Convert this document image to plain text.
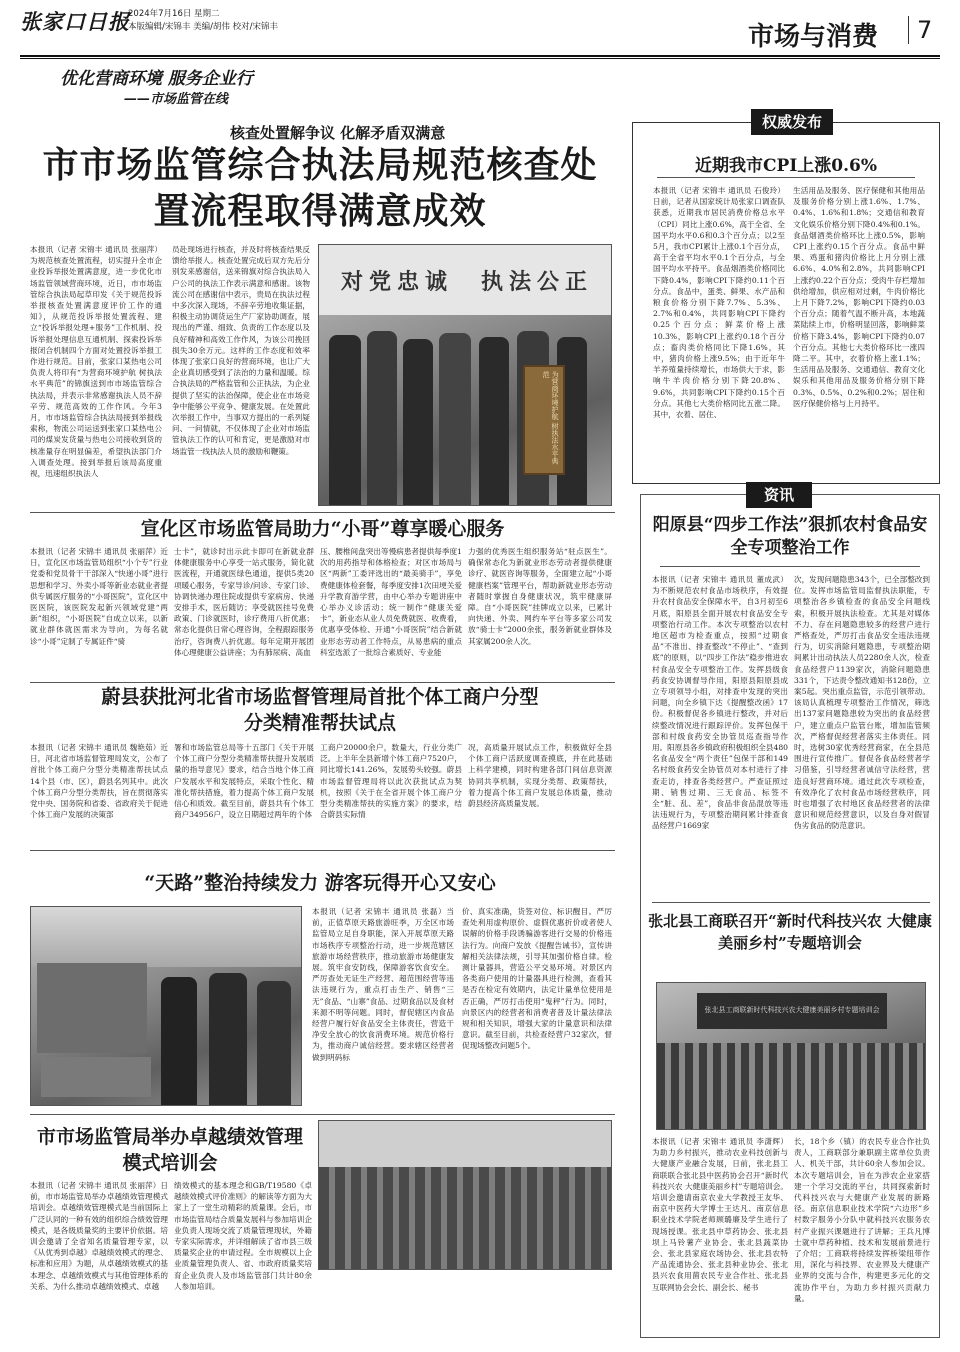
张家口日报
2024年7月16日 星期二
本版编辑/宋锦丰 美编/胡伟 校对/宋锦丰	市场与消费	7
优化营商环境 服务企业行
——市场监管在线
核查处置解争议 化解矛盾双满意
市市场监管综合执法局规范核查处置流程取得满意成效
本报讯（记者 宋锦丰 通讯员 张丽萍）为规范核查处置流程，切实提升全市企业投诉举报处置满意度，进一步优化市场监管领域营商环境，近日，市市场监管综合执法局起草印发《关于规范投诉举报核查处置满意度评价工作的通知》，从规范投诉举报处置流程、建立“投诉举报处理+服务”工作机制、投诉举报处理信息互通机制、探索投诉举报闭合机制四个方面对处置投诉举报工作进行规范。目前，张家口某热电公司负责人将印有“为营商环境护航 树执法水平典范”的锦旗送到市市场监管综合执法局，并表示非常感谢执法人员不辞辛劳、规范高效的工作作风。今年3月，市市场监管综合执法局接到举报线索称，物流公司运送到张家口某热电公司的煤炭发货量与热电公司接收到货的核准量存在明显偏差，希望执法部门介入调查处理。接到举报后该局高度重视，迅速组织执法人
员赴现场进行核查，并及时将核查结果反馈给举报人。核查处置完成后双方先后分别发来感谢信，送来锦旗对综合执法局入户公司的执法工作表示满意和感谢。该物流公司在感谢信中表示，贵局在执法过程中多次深入现场，不辞辛劳地收集证据，积极主动协调货运生产厂家协助调查，展现出的严谨、细致、负责的工作态度以及良好精神和高效工作作风，为该公司挽回损失30余万元。这样的工作态度和效率体现了张家口良好的营商环境，也让广大企业真切感受到了法治的力量和温暖。综合执法局的严格监管和公正执法，为企业提供了坚实的法治保障，使企业在市场竞争中能够公平竞争、健康发展。在处置此次举报工作中，当事双方提出的一系列疑问、一问情就，不仅体现了企业对市场监管执法工作的认可和肯定，更是激励对市场监管一线执法人员的激励和鞭策。
对党忠诚 执法公正
为营商环境护航 树执法水平典范
权威发布
近期我市CPI上涨0.6%
本报讯（记者 宋锦丰 通讯员 石俊玲）日前，记者从国家统计局张家口调查队获悉，近期我市居民消费价格总水平（CPI）同比上涨0.6%，高于全省、全国平均水平0.6和0.3个百分点；以2至5月，我市CPI累计上涨0.1个百分点，高于全省平均水平0.1个百分点，与全国平均水平持平。食品烟酒类价格同比下降0.4%，影响CPI下降约0.11个百分点。食品中，蛋类、鲜果、水产品和粮食价格分别下降7.7%、5.3%、2.7%和0.4%，共同影响CPI下降约0.25个百分点；鲜菜价格上涨10.3%，影响CPI上涨约0.18个百分点；畜肉类价格同比下降1.6%，其中，猪肉价格上涨9.5%；由于近年牛羊养殖量持续增长，市场供大于求，影响牛羊肉价格分别下降20.8%、9.6%，共同影响CPI下降约0.15个百分点。其他七大类价格同比五涨二降。其中，衣着、居住、
生活用品及服务、医疗保健和其他用品及服务价格分别上涨1.6%、1.7%、0.4%、1.6%和1.8%；交通信和教育文化娱乐价格分别下降0.4%和0.1%。食品烟酒类价格环比上涨0.5%，影响CPI上涨约0.15个百分点。食品中鲜果、鸡蛋和猪肉价格比上月分别上涨6.6%、4.0%和2.8%，共同影响CPI上涨约0.22个百分点；受肉牛存栏增加供给增加，供应相对过剩，牛肉价格比上月下降7.2%，影响CPI下降约0.03个百分点；随着气温不断升高，本地蔬菜陆续上市，价格明显回落，影响鲜菜价格下降3.4%，影响CPI下降约0.07个百分点。其他七大类价格环比一涨四降二平。其中，衣着价格上涨1.1%；生活用品及服务、交通通信、教育文化娱乐和其他用品及服务价格分别下降0.3%、0.5%、0.2%和0.2%；居住和医疗保健价格与上月持平。
宣化区市场监管局助力“小哥”尊享暖心服务
本报讯（记者 宋锦丰 通讯员 张丽萍）近日，宣化区市场监管局组织“小个专”行业党委和党员骨干干部深入“快递小哥”进行思想和学习、外卖小哥等新业态就业者提供专属医疗服务的“小哥医院”，宣化区中医医院，该医院发起新兴领域党建“两新”组织，“小哥医院”自成立以来，以新就业群体就医需求为导向，为每名就诊“小哥”定制了专属证件“骑
士卡”，就诊时出示此卡即可在新就业群体健康服务中心享受一站式服务，简化就医流程，开通就医绿色通道，提供5类20项暖心服务，专家导诊/问诊、专家门诊、协调快递办理住院或提供专家病房、快递安排手术，医后随访；享受就医挂号免费政策、门诊就医时，诊疗费用八折优惠；常态化提供日常心理咨询，全程跟踪服务治疗，咨询费八折优惠。每年定期开展团体心理健康公益讲座；为有肺尿病、高血
压、腰椎间盘突出等慢病患者提供每季度1次的用药指导和体格检查；对区市场局与区“两新”工委评选出的“最美骑手”，享免费健康体检套餐，每季度安排1次田埂关爱升学教育游学营，由中心举办专题讲座中心举办义诊活动；统一制作“健康关爱卡”，新业态从业人员免费就医、收费看，优惠享受体检、开通“小哥医院”结合新就业形态劳动者工作特点，从易患病的重点科室选派了一批综合素质好、专业能
力强的优秀医生组织服务站“驻点医生”。确保常态化为新就业形态劳动者提供健康诊疗、就医咨询等服务，全面建立起“小哥健康档案”管理平台，帮助新就业形态劳动者随时掌握自身健康状况，筑牢健康屏障。自“小哥医院”挂牌成立以来，已累计向快递、外卖、网约车平台等多家公司发放“骑士卡”2000余张，服务新就业群体及其家属200余人次。
蔚县获批河北省市场监督管理局首批个体工商户分型分类精准帮扶试点
本报讯（记者 宋锦丰 通讯员 魏艳茹）近日，河北省市场监督管理局发文，公布了首批个体工商户分型分类精准帮扶试点14个县（市、区），蔚县名列其中。此次个体工商户分型分类帮扶，旨在贯彻落实党中央、国务院和省委、省政府关于促进个体工商户发展的决策部
署和市场监管总局等十五部门《关于开展个体工商户分型分类精准帮扶提升发展质量的指导意见》要求，结合当地个体工商户发展水平和发展特点，采取个性化、精准化帮扶措施，着力提高个体工商户发展信心和质效。截至目前，蔚县共有个体工商户34956户，设立日期超过两年的个体
工商户20000余户，数量大，行业分类广泛。上半年全县新增个体工商户7520户，同比增长141.26%，发展势头较强。蔚县市场监督管理局将以此次获批试点为契机，按照《关于在全省开展个体工商户分型分类精准帮扶的实施方案》的要求，结合蔚县实际情
况，高质量开展试点工作，积极做好全县个体工商户活跃度调查摸底，并在此基础上科学建模，同时构建各部门间信息资源协同共享机制，实现分类帮、政策帮扶，着力提高个体工商户发展总体质量，推动蔚县经济高质量发展。
“天路”整治持续发力 游客玩得开心又安心
本报讯（记者 宋锦丰 通讯员 张磊）当前，正值草原天路旅游旺季，万全区市场监管局立足自身职能，深入开展草原天路市场秩序专项整治行动，进一步规范辖区旅游市场经营秩序，推动旅游市场健康发展。筑牢食安防线，保障游客饮食安全。严厉查处无证生产经营、超范围经营等违法违规行为，重点打击生产、销售“三无”食品、“山寨”食品、过期食品以及食材来源不明等问题。同时，督促辖区内食品经营户履行好食品安全主体责任，营造干净安全放心的饮食消费环境。规范价格行为，推动商户诚信经营。要求辖区经营者做到明码标
价、真实准确，货签对位、标识醒目。严厉查处利用虚构原价、虚假优惠折价或者使人误解的价格手段诱骗游客进行交易的价格违法行为。向商户发放《提醒告诫书》，宣传讲解相关法律法规，引导其加强价格自律。检测计量器具，营造公平交易环境。对景区内各类商户使用的计量器具进行检测，查看其是否在检定有效期内，法定计量单位使用是否正确，严厉打击使用“鬼秤”行为。同时，向景区内的经营者和消费者普及计量法律法规和相关知识，增强大家的计量意识和法律意识。截至目前，共检查经营户32家次，督促现场整改问题5个。
市市场监管局举办卓越绩效管理模式培训会
本报讯（记者 宋锦丰 通讯员 张丽萍）日前，市市场监管局举办卓越绩效管理模式培训会。卓越绩效管理模式是当前国际上广泛认同的一种有效的组织综合绩效管理模式，是各级质量奖的主要评价依据。培训会邀请了全省知名质量管理专家，以《从优秀到卓越》卓越绩效模式的理念、标准和应用》为题，从卓越绩效模式的基本理念、卓越绩效模式与其他管理体系的关系、为什么推动卓越绩效模式、卓越
绩效模式的基本理念和GB/T19580《卓越绩效模式评价准则》的解读等方面为大家上了一堂生动精彩的质量课。会后，市市场监管局结合质量发展科与参加培训企业负责人现场交流了质量管理现状，外籍专家实际需求，并详细解读了省市县三级质量奖企业的申请过程。全市规模以上企业质量管理负责人、省、市政府质量奖培育企业负责人及市场监管部门共计80余人参加培训。
资讯
阳原县“四步工作法”狠抓农村食品安全专项整治工作
本报讯（记者 宋锦丰 通讯员 董成武）为不断规范农村食品市场秩序，有效提升农村食品安全保障水平，自3月初至6月底，阳原县全面开展农村食品安全专项整治行动工作。本次专项整治以农村地区超市为检查重点，按照“过期食品”不准出、排查整改“不停止”、“查到底”的原则，以“四步工作法”稳步推进农村食品安全专项整治工作。发挥县级食药食安协调督导作用，阳原县阳原县成立专项领导小组，对排查中发现的突出问题，向全乡镇下达《提醒整改函》17份。积极督促各乡镇进行整改，并对后续整改情况进行跟踪评价。发挥包保干部和村级食药安全协管员巡查指导作用。阳原县各乡镇政府积极组织全县480名食品安全“两个责任”包保干部和149名村级食药安全协管员对本村进行了排查走访，排查各类经营户。严查证照过期、销售过期、三无食品、标签不全“脏、乱、差”，食品非食品混放等违法违规行为，专项整治期间累计排查食品经营户1669家
次，发现问题隐患343个，已全部整改到位。发挥市场监管局监督执法职能，专项整治各乡镇检查的食品安全问题线索，积极开展执法检查。尤其是对媒体不力、存在问题隐患较多的经营户进行严格查处，严厉打击食品安全违法违规行为，切实消除问题隐患，专项整治期间累计出动执法人员2280余人次，检查食品经营户1139家次，消除问题隐患331个，下达责令整改通知书128份，立案5起。突出重点监管，示范引领带动。该局认真梳理专项整治工作情况，筛选出137家问题隐患较为突出的食品经营户，建立重点户监管台账，增加监管频次，严格督促经营者落实主体责任。同时，选树30家优秀经营商家，在全县范围进行宣传推广。督促各食品经营者学习借鉴，引导经营者诚信守法经营，营造良好营商环境。通过此次专项检查，有效净化了农村食品市场经营秩序，同时也增强了农村地区食品经营者的法律意识和规范经营意识，以及自身对假冒伪劣食品的防范意识。
张北县工商联召开“新时代科技兴农 大健康美丽乡村”专题培训会
张北县工商联新时代科技兴农大健康美丽乡村专题培训会
本报讯（记者 宋锦丰 通讯员 李潇辉）为助力乡村振兴，推动农业科技创新与大健康产业融合发展，日前，张北县工商联联合张北县中医药协会召开“新时代科技兴农 大健康美丽乡村”专题培训会。培训会邀请南京农业大学教授王友华、南京中医药大学博士王达凡、南京信息职业技术学院老师顾璐廉及学生进行了现场授课。张北县中草药协会、张北县坝上马铃薯产业协会、张北县蔬菜协会、张北县家庭农场协会、张北县农特产品流通协会、张北县种业协会、张北县兴农食用菌农民专业合作社、张北县互联网协会会长、副会长、秘书
长，18个乡（镇）的农民专业合作社负责人，工商联部分兼职副主席单位负责人、机关干部，共计60余人参加会议。本次专题培训会，旨在为涉农企业家搭建一个学习交流的平台，共同探索新时代科技兴农与大健康产业发展的新路径。南京信息职业技术学院“六边形”乡村数字服务小分队中就科技兴农服务农村产业振兴课题进行了讲解；王兵凡博士就中草药种植、技术和发展前景进行了介绍；工商联将持续发挥桥梁纽带作用，深化与科技界、农业界及大健康产业界的交流与合作，构建更多元化的交流协作平台，为助力乡村振兴贡献力量。
